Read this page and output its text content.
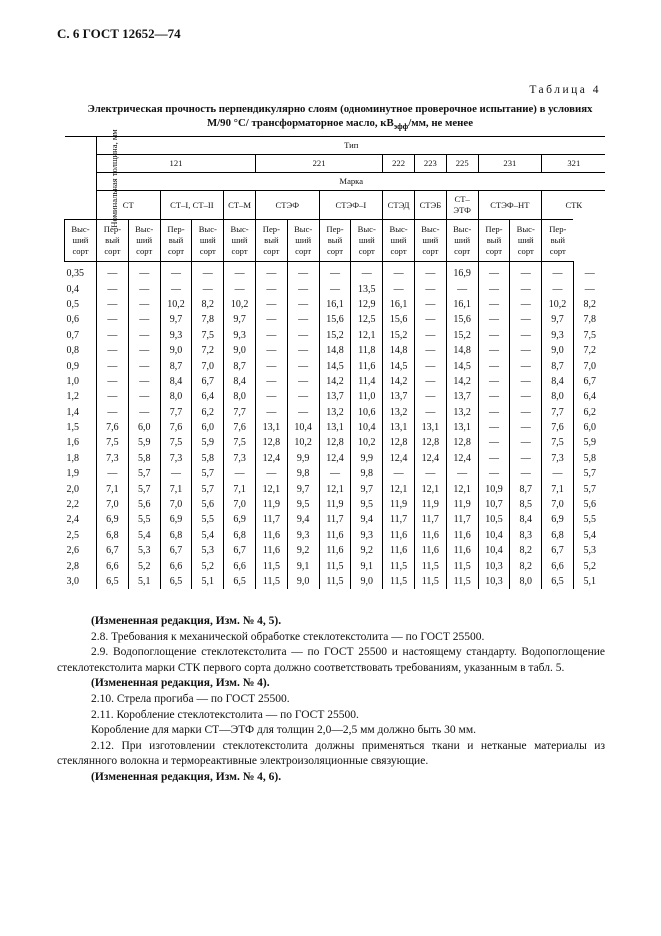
С. 6 ГОСТ 12652—74
Таблица 4
Электрическая прочность перпендикулярно слоям (одноминутное проверочное испытание) в условиях
M/90 °С/ трансформаторное масло, $кВ_{эфф}/мм$, не менее
Номинальная толщина, мм	Тип															
	121					221				222	223	225	231		321	
	Марка															
	СТ		СТ–I, СТ–II		СТ–М	СТЭФ		СТЭФ–I		СТЭД	СТЭБ	СТ–ЭТФ	СТЭФ–НТ		СТК	
Выс-ший сорт	Пер-вый сорт	Выс-ший сорт	Пер-вый сорт	Выс-ший сорт	Выс-ший сорт	Пер-вый сорт	Выс-ший сорт	Пер-вый сорт	Выс-ший сорт	Выс-ший сорт	Выс-ший сорт	Выс-ший сорт	Пер-вый сорт	Выс-ший сорт	Пер-вый сорт	
0,35	—	—	—	—	—	—	—	—	—	—	—	16,9	—	—	—	—
0,4	—	—	—	—	—	—	—	—	13,5	—	—	—	—	—	—	—
0,5	—	—	10,2	8,2	10,2	—	—	16,1	12,9	16,1	—	16,1	—	—	10,2	8,2
0,6	—	—	9,7	7,8	9,7	—	—	15,6	12,5	15,6	—	15,6	—	—	9,7	7,8
0,7	—	—	9,3	7,5	9,3	—	—	15,2	12,1	15,2	—	15,2	—	—	9,3	7,5
0,8	—	—	9,0	7,2	9,0	—	—	14,8	11,8	14,8	—	14,8	—	—	9,0	7,2
0,9	—	—	8,7	7,0	8,7	—	—	14,5	11,6	14,5	—	14,5	—	—	8,7	7,0
1,0	—	—	8,4	6,7	8,4	—	—	14,2	11,4	14,2	—	14,2	—	—	8,4	6,7
1,2	—	—	8,0	6,4	8,0	—	—	13,7	11,0	13,7	—	13,7	—	—	8,0	6,4
1,4	—	—	7,7	6,2	7,7	—	—	13,2	10,6	13,2	—	13,2	—	—	7,7	6,2
1,5	7,6	6,0	7,6	6,0	7,6	13,1	10,4	13,1	10,4	13,1	13,1	13,1	—	—	7,6	6,0
1,6	7,5	5,9	7,5	5,9	7,5	12,8	10,2	12,8	10,2	12,8	12,8	12,8	—	—	7,5	5,9
1,8	7,3	5,8	7,3	5,8	7,3	12,4	9,9	12,4	9,9	12,4	12,4	12,4	—	—	7,3	5,8
1,9	—	5,7	—	5,7	—	—	9,8	—	9,8	—	—	—	—	—	—	5,7
2,0	7,1	5,7	7,1	5,7	7,1	12,1	9,7	12,1	9,7	12,1	12,1	12,1	10,9	8,7	7,1	5,7
2,2	7,0	5,6	7,0	5,6	7,0	11,9	9,5	11,9	9,5	11,9	11,9	11,9	10,7	8,5	7,0	5,6
2,4	6,9	5,5	6,9	5,5	6,9	11,7	9,4	11,7	9,4	11,7	11,7	11,7	10,5	8,4	6,9	5,5
2,5	6,8	5,4	6,8	5,4	6,8	11,6	9,3	11,6	9,3	11,6	11,6	11,6	10,4	8,3	6,8	5,4
2,6	6,7	5,3	6,7	5,3	6,7	11,6	9,2	11,6	9,2	11,6	11,6	11,6	10,4	8,2	6,7	5,3
2,8	6,6	5,2	6,6	5,2	6,6	11,5	9,1	11,5	9,1	11,5	11,5	11,5	10,3	8,2	6,6	5,2
3,0	6,5	5,1	6,5	5,1	6,5	11,5	9,0	11,5	9,0	11,5	11,5	11,5	10,3	8,0	6,5	5,1

(Измененная редакция, Изм. № 4, 5).

2.8. Требования к механической обработке стеклотекстолита — по ГОСТ 25500.

2.9. Водопоглощение стеклотекстолита — по ГОСТ 25500 и настоящему стандарту. Водопоглощение стеклотекстолита марки СТК первого сорта должно соответствовать требованиям, указанным в табл. 5.

(Измененная редакция, Изм. № 4).

2.10. Стрела прогиба — по ГОСТ 25500.

2.11. Коробление стеклотекстолита — по ГОСТ 25500.

Коробление для марки СТ—ЭТФ для толщин 2,0—2,5 мм должно быть 30 мм.

2.12. При изготовлении стеклотекстолита должны применяться ткани и нетканые материалы из стеклянного волокна и термореактивные электроизоляционные связующие.

(Измененная редакция, Изм. № 4, 6).
